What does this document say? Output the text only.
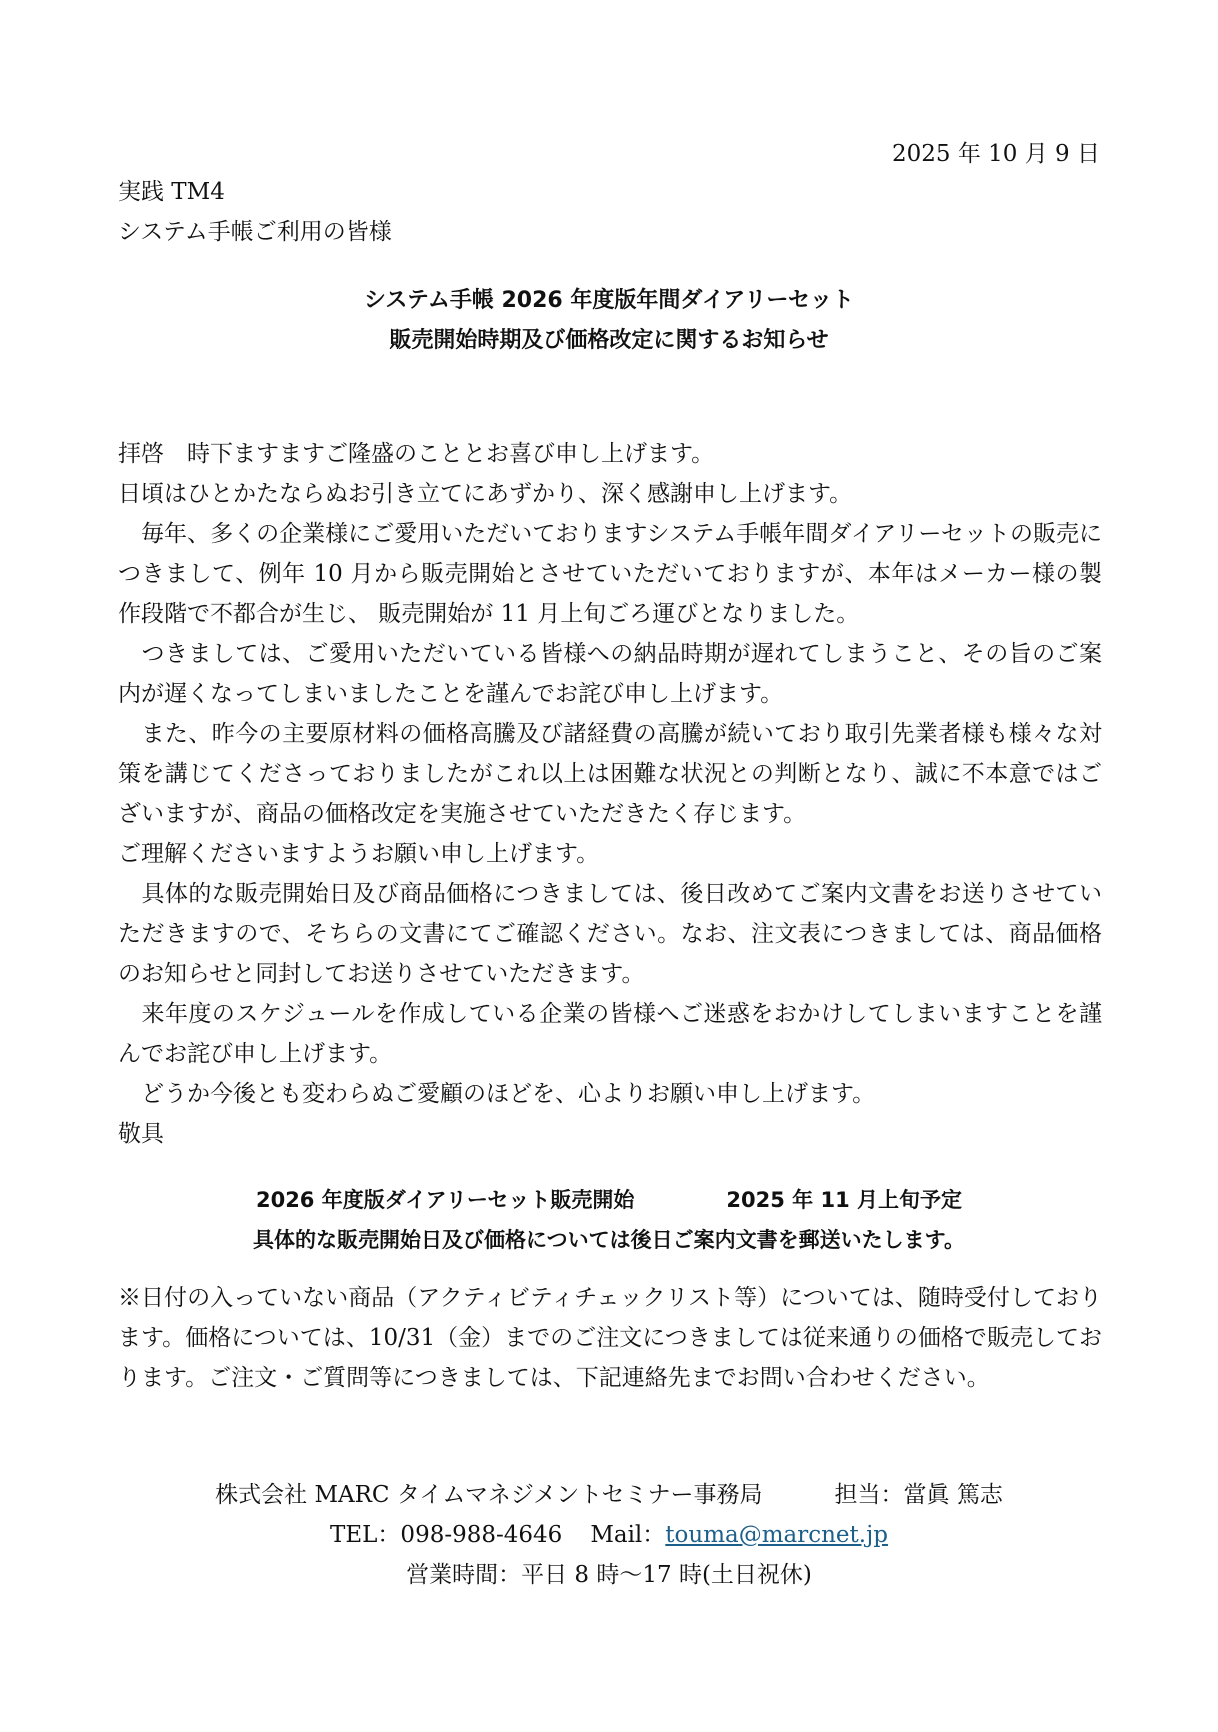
2025 年 10 月 9 日
実践 TM4
システム手帳ご利用の皆様
システム手帳 2026 年度版年間ダイアリーセット
販売開始時期及び価格改定に関するお知らせ

拝啓　時下ますますご隆盛のこととお喜び申し上げます。

日頃はひとかたならぬお引き立てにあずかり、深く感謝申し上げます。

　毎年、多くの企業様にご愛用いただいておりますシステム手帳年間ダイアリーセットの販売につきまして、例年 10 月から販売開始とさせていただいておりますが、本年はメーカー様の製作段階で不都合が生じ、 販売開始が 11 月上旬ごろ運びとなりました。

　つきましては、ご愛用いただいている皆様への納品時期が遅れてしまうこと、その旨のご案内が遅くなってしまいましたことを謹んでお詫び申し上げます。

　また、昨今の主要原材料の価格高騰及び諸経費の高騰が続いており取引先業者様も様々な対策を講じてくださっておりましたがこれ以上は困難な状況との判断となり、誠に不本意ではございますが、商品の価格改定を実施させていただきたく存じます。

ご理解くださいますようお願い申し上げます。

　具体的な販売開始日及び商品価格につきましては、後日改めてご案内文書をお送りさせていただきますので、そちらの文書にてご確認ください。なお、注文表につきましては、商品価格のお知らせと同封してお送りさせていただきます。

　来年度のスケジュールを作成している企業の皆様へご迷惑をおかけしてしまいますことを謹んでお詫び申し上げます。

　どうか今後とも変わらぬご愛顧のほどを、心よりお願い申し上げます。

敬具

2026 年度版ダイアリーセット販売開始	2025 年 11 月上旬予定
具体的な販売開始日及び価格については後日ご案内文書を郵送いたします。
※日付の入っていない商品（アクティビティチェックリスト等）については、随時受付しております。価格については、10/31（金）までのご注文につきましては従来通りの価格で販売しております。ご注文・ご質問等につきましては、下記連絡先までお問い合わせください。
株式会社 MARC タイムマネジメントセミナー事務局	担当：當眞 篤志
TEL：098-988-4646 Mail：touma@marcnet.jp
営業時間：平日 8 時～17 時(土日祝休)
